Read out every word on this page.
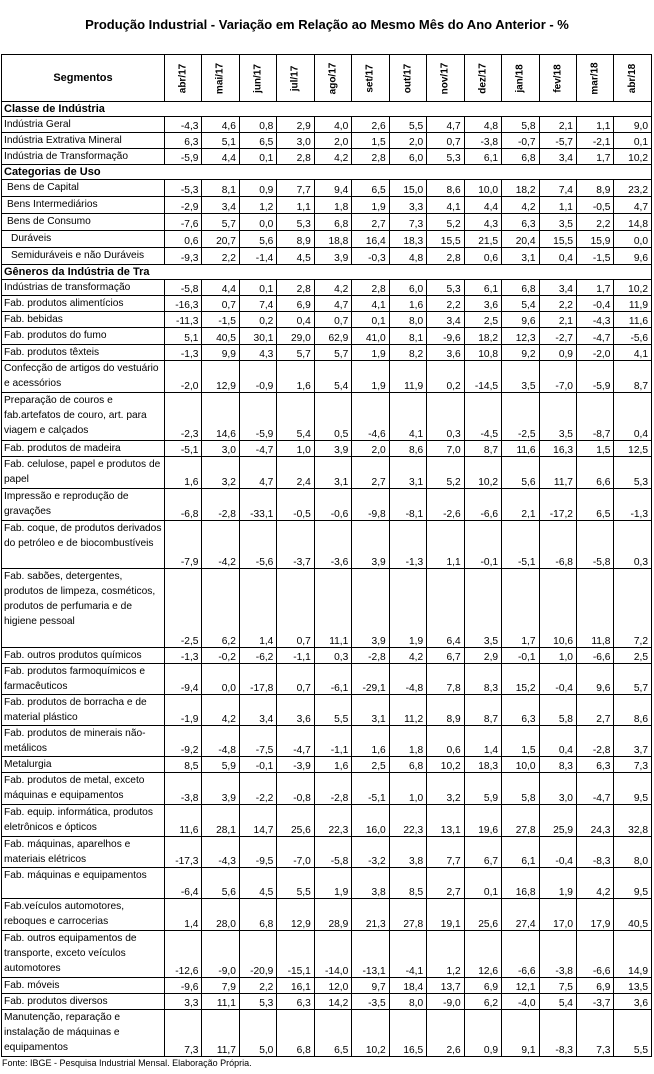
Produção Industrial - Variação em Relação ao Mesmo Mês do Ano Anterior - %
Segmentos	abr/17	mai/17	jun/17	jul/17	ago/17	set/17	out/17	nov/17	dez/17	jan/18	fev/18	mar/18	abr/18

Classe de Indústria													
Indústria Geral	-4,3	4,6	0,8	2,9	4,0	2,6	5,5	4,7	4,8	5,8	2,1	1,1	9,0
Indústria Extrativa Mineral	6,3	5,1	6,5	3,0	2,0	1,5	2,0	0,7	-3,8	-0,7	-5,7	-2,1	0,1
Indústria de Transformação	-5,9	4,4	0,1	2,8	4,2	2,8	6,0	5,3	6,1	6,8	3,4	1,7	10,2
Categorias de Uso													
Bens de Capital	-5,3	8,1	0,9	7,7	9,4	6,5	15,0	8,6	10,0	18,2	7,4	8,9	23,2
Bens Intermediários	-2,9	3,4	1,2	1,1	1,8	1,9	3,3	4,1	4,4	4,2	1,1	-0,5	4,7
Bens de Consumo	-7,6	5,7	0,0	5,3	6,8	2,7	7,3	5,2	4,3	6,3	3,5	2,2	14,8
Duráveis	0,6	20,7	5,6	8,9	18,8	16,4	18,3	15,5	21,5	20,4	15,5	15,9	0,0
Semiduráveis e não Duráveis	-9,3	2,2	-1,4	4,5	3,9	-0,3	4,8	2,8	0,6	3,1	0,4	-1,5	9,6
Gêneros da Indústria de Tra													
Indústrias de transformação	-5,8	4,4	0,1	2,8	4,2	2,8	6,0	5,3	6,1	6,8	3,4	1,7	10,2
Fab. produtos alimentícios	-16,3	0,7	7,4	6,9	4,7	4,1	1,6	2,2	3,6	5,4	2,2	-0,4	11,9
Fab. bebidas	-11,3	-1,5	0,2	0,4	0,7	0,1	8,0	3,4	2,5	9,6	2,1	-4,3	11,6
Fab. produtos do fumo	5,1	40,5	30,1	29,0	62,9	41,0	8,1	-9,6	18,2	12,3	-2,7	-4,7	-5,6
Fab. produtos têxteis	-1,3	9,9	4,3	5,7	5,7	1,9	8,2	3,6	10,8	9,2	0,9	-2,0	4,1
Confecção de artigos do vestuário e acessórios	-2,0	12,9	-0,9	1,6	5,4	1,9	11,9	0,2	-14,5	3,5	-7,0	-5,9	8,7
Preparação de couros e fab.artefatos de couro, art. para viagem e calçados	-2,3	14,6	-5,9	5,4	0,5	-4,6	4,1	0,3	-4,5	-2,5	3,5	-8,7	0,4
Fab. produtos de madeira	-5,1	3,0	-4,7	1,0	3,9	2,0	8,6	7,0	8,7	11,6	16,3	1,5	12,5
Fab. celulose, papel e produtos de papel	1,6	3,2	4,7	2,4	3,1	2,7	3,1	5,2	10,2	5,6	11,7	6,6	5,3
Impressão e reprodução de gravações	-6,8	-2,8	-33,1	-0,5	-0,6	-9,8	-8,1	-2,6	-6,6	2,1	-17,2	6,5	-1,3
Fab. coque, de produtos derivados do petróleo e de biocombustíveis	-7,9	-4,2	-5,6	-3,7	-3,6	3,9	-1,3	1,1	-0,1	-5,1	-6,8	-5,8	0,3
Fab. sabões, detergentes, produtos de limpeza, cosméticos, produtos de perfumaria e de higiene pessoal	-2,5	6,2	1,4	0,7	11,1	3,9	1,9	6,4	3,5	1,7	10,6	11,8	7,2
Fab. outros produtos químicos	-1,3	-0,2	-6,2	-1,1	0,3	-2,8	4,2	6,7	2,9	-0,1	1,0	-6,6	2,5
Fab. produtos farmoquímicos e farmacêuticos	-9,4	0,0	-17,8	0,7	-6,1	-29,1	-4,8	7,8	8,3	15,2	-0,4	9,6	5,7
Fab. produtos de borracha e de material plástico	-1,9	4,2	3,4	3,6	5,5	3,1	11,2	8,9	8,7	6,3	5,8	2,7	8,6
Fab. produtos de minerais não-metálicos	-9,2	-4,8	-7,5	-4,7	-1,1	1,6	1,8	0,6	1,4	1,5	0,4	-2,8	3,7
Metalurgia	8,5	5,9	-0,1	-3,9	1,6	2,5	6,8	10,2	18,3	10,0	8,3	6,3	7,3
Fab. produtos de metal, exceto máquinas e equipamentos	-3,8	3,9	-2,2	-0,8	-2,8	-5,1	1,0	3,2	5,9	5,8	3,0	-4,7	9,5
Fab. equip. informática, produtos eletrônicos e ópticos	11,6	28,1	14,7	25,6	22,3	16,0	22,3	13,1	19,6	27,8	25,9	24,3	32,8
Fab. máquinas, aparelhos e materiais elétricos	-17,3	-4,3	-9,5	-7,0	-5,8	-3,2	3,8	7,7	6,7	6,1	-0,4	-8,3	8,0
Fab. máquinas e equipamentos	-6,4	5,6	4,5	5,5	1,9	3,8	8,5	2,7	0,1	16,8	1,9	4,2	9,5
Fab.veículos automotores, reboques e carrocerias	1,4	28,0	6,8	12,9	28,9	21,3	27,8	19,1	25,6	27,4	17,0	17,9	40,5
Fab. outros equipamentos de transporte, exceto veículos automotores	-12,6	-9,0	-20,9	-15,1	-14,0	-13,1	-4,1	1,2	12,6	-6,6	-3,8	-6,6	14,9
Fab. móveis	-9,6	7,9	2,2	16,1	12,0	9,7	18,4	13,7	6,9	12,1	7,5	6,9	13,5
Fab. produtos diversos	3,3	11,1	5,3	6,3	14,2	-3,5	8,0	-9,0	6,2	-4,0	5,4	-3,7	3,6
Manutenção, reparação e instalação de máquinas e equipamentos	7,3	11,7	5,0	6,8	6,5	10,2	16,5	2,6	0,9	9,1	-8,3	7,3	5,5
Fonte: IBGE - Pesquisa Industrial Mensal. Elaboração Própria.
